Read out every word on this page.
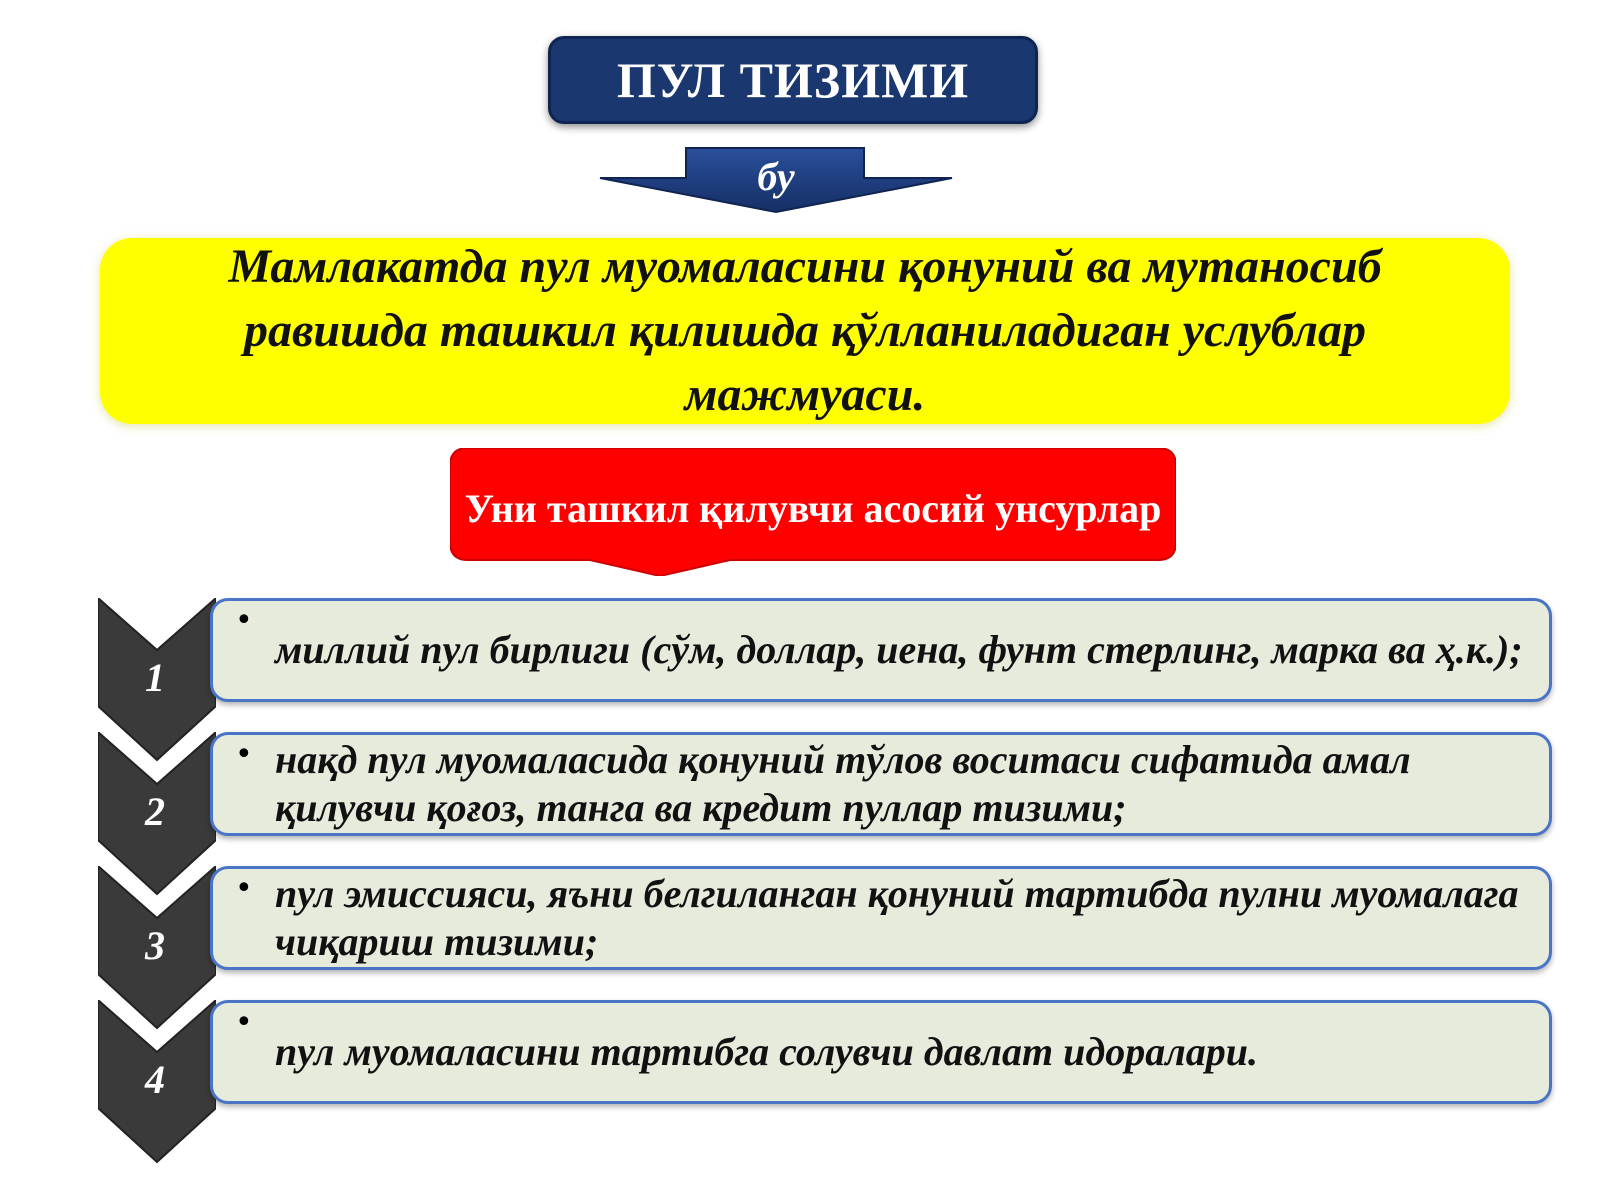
ПУЛ ТИЗИМИ
бу
Мамлакатда пул муомаласини қонуний ва мутаносиб равишда ташкил қилишда қўлланиладиган услублар мажмуаси.
Уни ташкил қилувчи асосий унсурлар
1
•
миллий пул бирлиги (сўм, доллар, иена, фунт стерлинг, марка ва ҳ.к.);
2
• нақд пул муомаласида қонуний тўлов воситаси сифатида амал қилувчи қоғоз, танга ва кредит пуллар тизими;
3
• пул эмиссияси, яъни белгиланган қонуний тартибда пулни муомалага чиқариш тизими;
4
•
пул муомаласини тартибга солувчи давлат идоралари.
